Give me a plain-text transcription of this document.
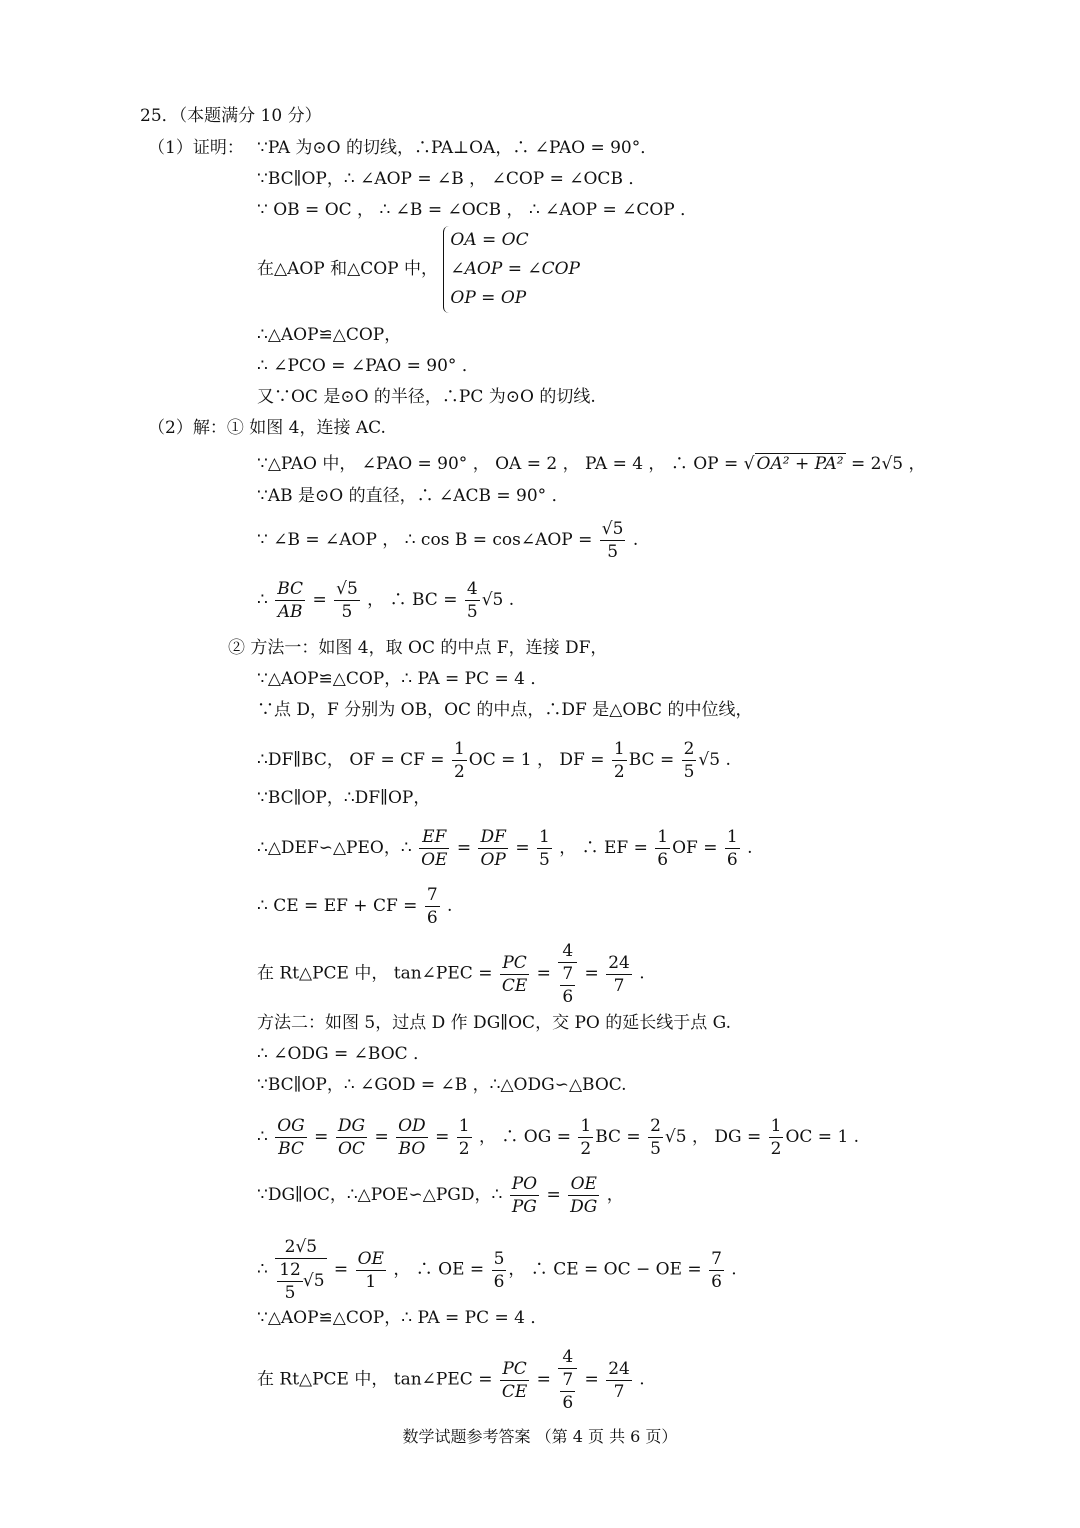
25．（本题满分 10 分）
（1）证明： ∵PA 为⊙O 的切线，∴PA⊥OA，∴ ∠PAO = 90°．
∵BC∥OP，∴ ∠AOP = ∠B ， ∠COP = ∠OCB ．
∵ OB = OC ， ∴ ∠B = ∠OCB ， ∴ ∠AOP = ∠COP ．
在△AOP 和△COP 中，
OA = OC
∠AOP = ∠COP
OP = OP
∴△AOP≌△COP，
∴ ∠PCO = ∠PAO = 90° ．
又∵OC 是⊙O 的半径，∴PC 为⊙O 的切线.
（2）解：① 如图 4，连接 AC.
∵△PAO 中， ∠PAO = 90° ， OA = 2 ， PA = 4 ， ∴ OP = √ OA² + PA² = 2√5 ，
∵AB 是⊙O 的直径，∴ ∠ACB = 90° ．
∵ ∠B = ∠AOP ， ∴ cos B = cos∠AOP = $\frac{√5}{5}$ .
∴ $\frac{BC}{AB} = \frac{√5}{5}$ ， ∴ BC = $\frac{4}{5} √5$ .
② 方法一：如图 4，取 OC 的中点 F，连接 DF，
∵△AOP≌△COP，∴ PA = PC = 4 ．
∵点 D，F 分别为 OB，OC 的中点，∴DF 是△OBC 的中位线，
∴DF∥BC， OF = CF = $\frac{1}{2}$ OC = 1 ， DF = $\frac{1}{2}$ BC = $\frac{2}{5} √5$ .
∵BC∥OP，∴DF∥OP，
∴△DEF∽△PEO，∴ $\frac{EF}{OE} = \frac{DF}{OP} = \frac{1}{5}$ ， ∴ EF = $\frac{1}{6}$ OF = $\frac{1}{6}$ .
∴ CE = EF + CF = $\frac{7}{6}$ .
在 Rt△PCE 中， tan∠PEC = $\frac{PC}{CE} = \frac{4}{\frac{7}{6}} = \frac{24}{7}$ .
方法二：如图 5，过点 D 作 DG∥OC，交 PO 的延长线于点 G.
∴ ∠ODG = ∠BOC ．
∵BC∥OP，∴ ∠GOD = ∠B ，∴△ODG∽△BOC.
∴ $\frac{OG}{BC} = \frac{DG}{OC} = \frac{OD}{BO} = \frac{1}{2}$ ， ∴ OG = $\frac{1}{2}$ BC = $\frac{2}{5} √5$ ， DG = $\frac{1}{2}$ OC = 1 .
∵DG∥OC，∴△POE∽△PGD，∴ $\frac{PO}{PG} = \frac{OE}{DG}$ ，
∴ $\frac{2√5}{\frac{12}{5} √5} = \frac{OE}{1}$ ， ∴ OE = $\frac{5}{6}$ ， ∴ CE = OC − OE = $\frac{7}{6}$ .
∵△AOP≌△COP，∴ PA = PC = 4 ．
在 Rt△PCE 中， tan∠PEC = $\frac{PC}{CE} = \frac{4}{\frac{7}{6}} = \frac{24}{7}$ .
数学试题参考答案 （第 4 页 共 6 页）
